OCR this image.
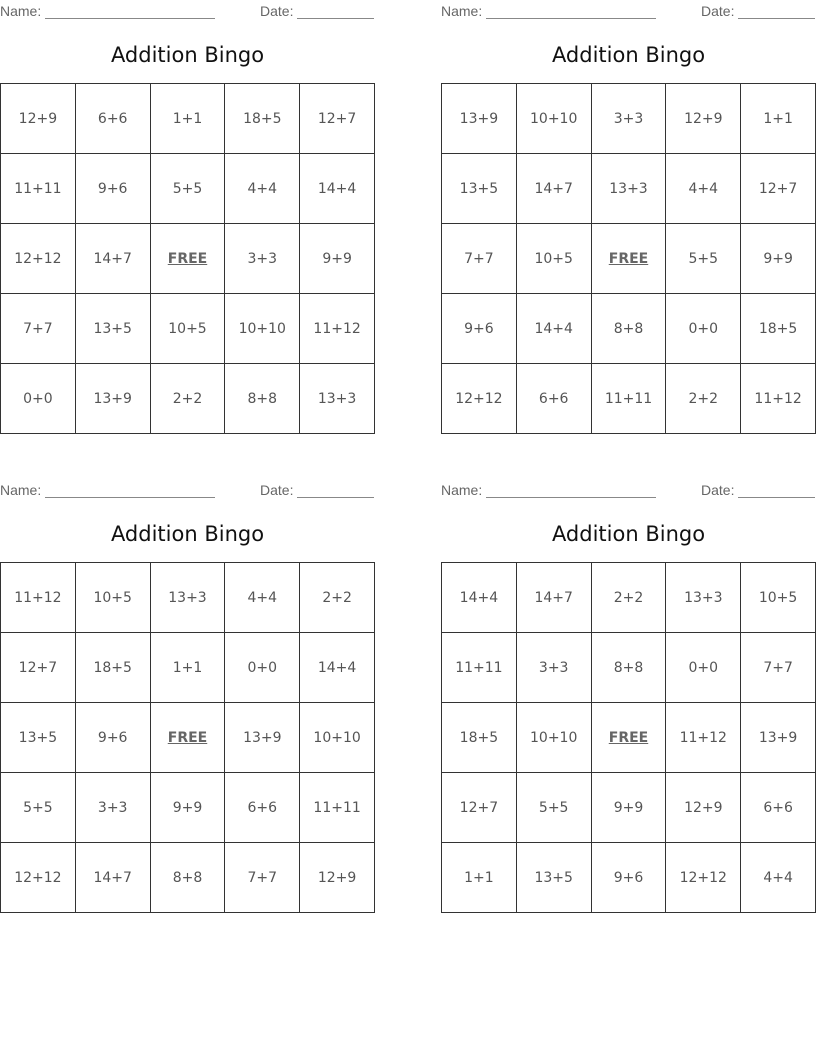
Name:	Date:
Addition Bingo
12+9	6+6	1+1	18+5	12+7
11+11	9+6	5+5	4+4	14+4
12+12	14+7	FREE	3+3	9+9
7+7	13+5	10+5	10+10	11+12
0+0	13+9	2+2	8+8	13+3
Name:	Date:
Addition Bingo
13+9	10+10	3+3	12+9	1+1
13+5	14+7	13+3	4+4	12+7
7+7	10+5	FREE	5+5	9+9
9+6	14+4	8+8	0+0	18+5
12+12	6+6	11+11	2+2	11+12
Name:	Date:
Addition Bingo
11+12	10+5	13+3	4+4	2+2
12+7	18+5	1+1	0+0	14+4
13+5	9+6	FREE	13+9	10+10
5+5	3+3	9+9	6+6	11+11
12+12	14+7	8+8	7+7	12+9
Name:	Date:
Addition Bingo
14+4	14+7	2+2	13+3	10+5
11+11	3+3	8+8	0+0	7+7
18+5	10+10	FREE	11+12	13+9
12+7	5+5	9+9	12+9	6+6
1+1	13+5	9+6	12+12	4+4
